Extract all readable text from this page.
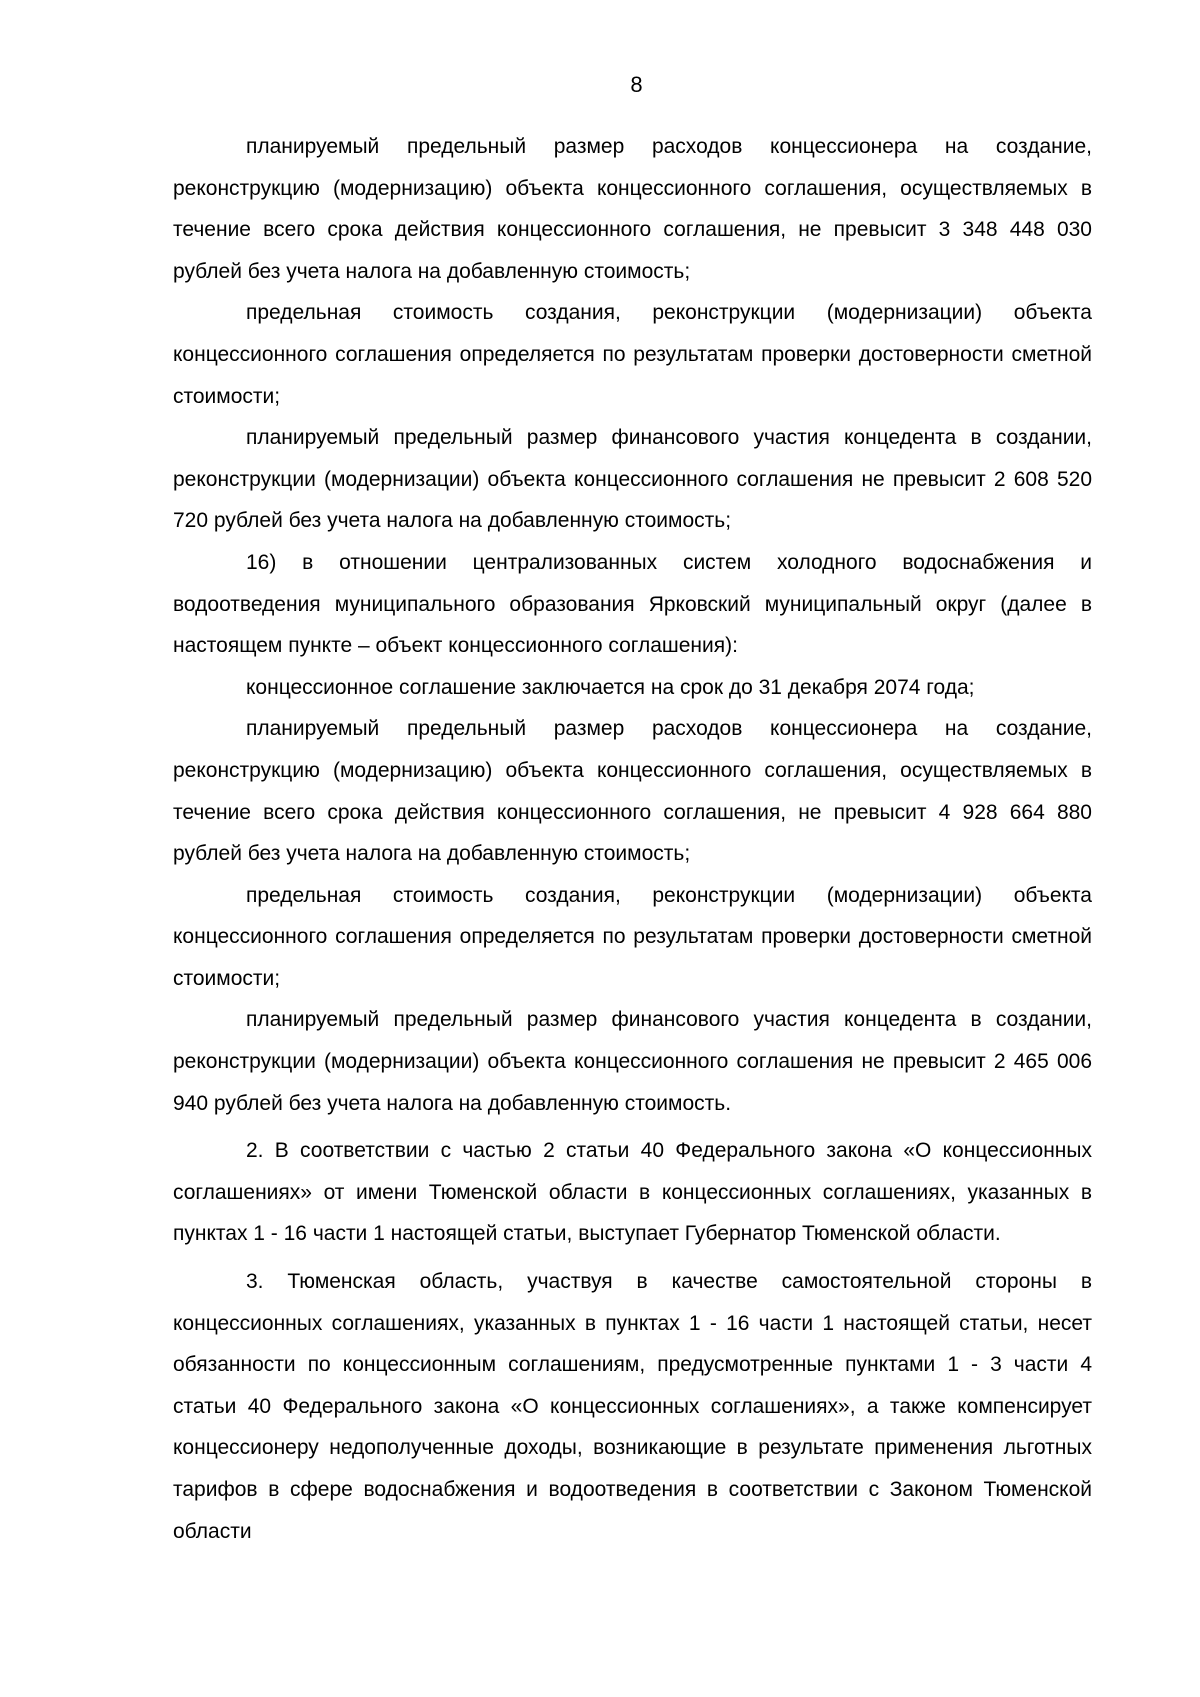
8

планируемый предельный размер расходов концессионера на создание, реконструкцию (модернизацию) объекта концессионного соглашения, осуществляемых в течение всего срока действия концессионного соглашения, не превысит 3 348 448 030 рублей без учета налога на добавленную стоимость;

предельная стоимость создания, реконструкции (модернизации) объекта концессионного соглашения определяется по результатам проверки достоверности сметной стоимости;

планируемый предельный размер финансового участия концедента в создании, реконструкции (модернизации) объекта концессионного соглашения не превысит 2 608 520 720 рублей без учета налога на добавленную стоимость;

16) в отношении централизованных систем холодного водоснабжения и водоотведения муниципального образования Ярковский муниципальный округ (далее в настоящем пункте – объект концессионного соглашения):

концессионное соглашение заключается на срок до 31 декабря 2074 года;

планируемый предельный размер расходов концессионера на создание, реконструкцию (модернизацию) объекта концессионного соглашения, осуществляемых в течение всего срока действия концессионного соглашения, не превысит 4 928 664 880 рублей без учета налога на добавленную стоимость;

предельная стоимость создания, реконструкции (модернизации) объекта концессионного соглашения определяется по результатам проверки достоверности сметной стоимости;

планируемый предельный размер финансового участия концедента в создании, реконструкции (модернизации) объекта концессионного соглашения не превысит 2 465 006 940 рублей без учета налога на добавленную стоимость.

2. В соответствии с частью 2 статьи 40 Федерального закона «О концессионных соглашениях» от имени Тюменской области в концессионных соглашениях, указанных в пунктах 1 - 16 части 1 настоящей статьи, выступает Губернатор Тюменской области.

3. Тюменская область, участвуя в качестве самостоятельной стороны в концессионных соглашениях, указанных в пунктах 1 - 16 части 1 настоящей статьи, несет обязанности по концессионным соглашениям, предусмотренные пунктами 1 - 3 части 4 статьи 40 Федерального закона «О концессионных соглашениях», а также компенсирует концессионеру недополученные доходы, возникающие в результате применения льготных тарифов в сфере водоснабжения и водоотведения в соответствии с Законом Тюменской области
